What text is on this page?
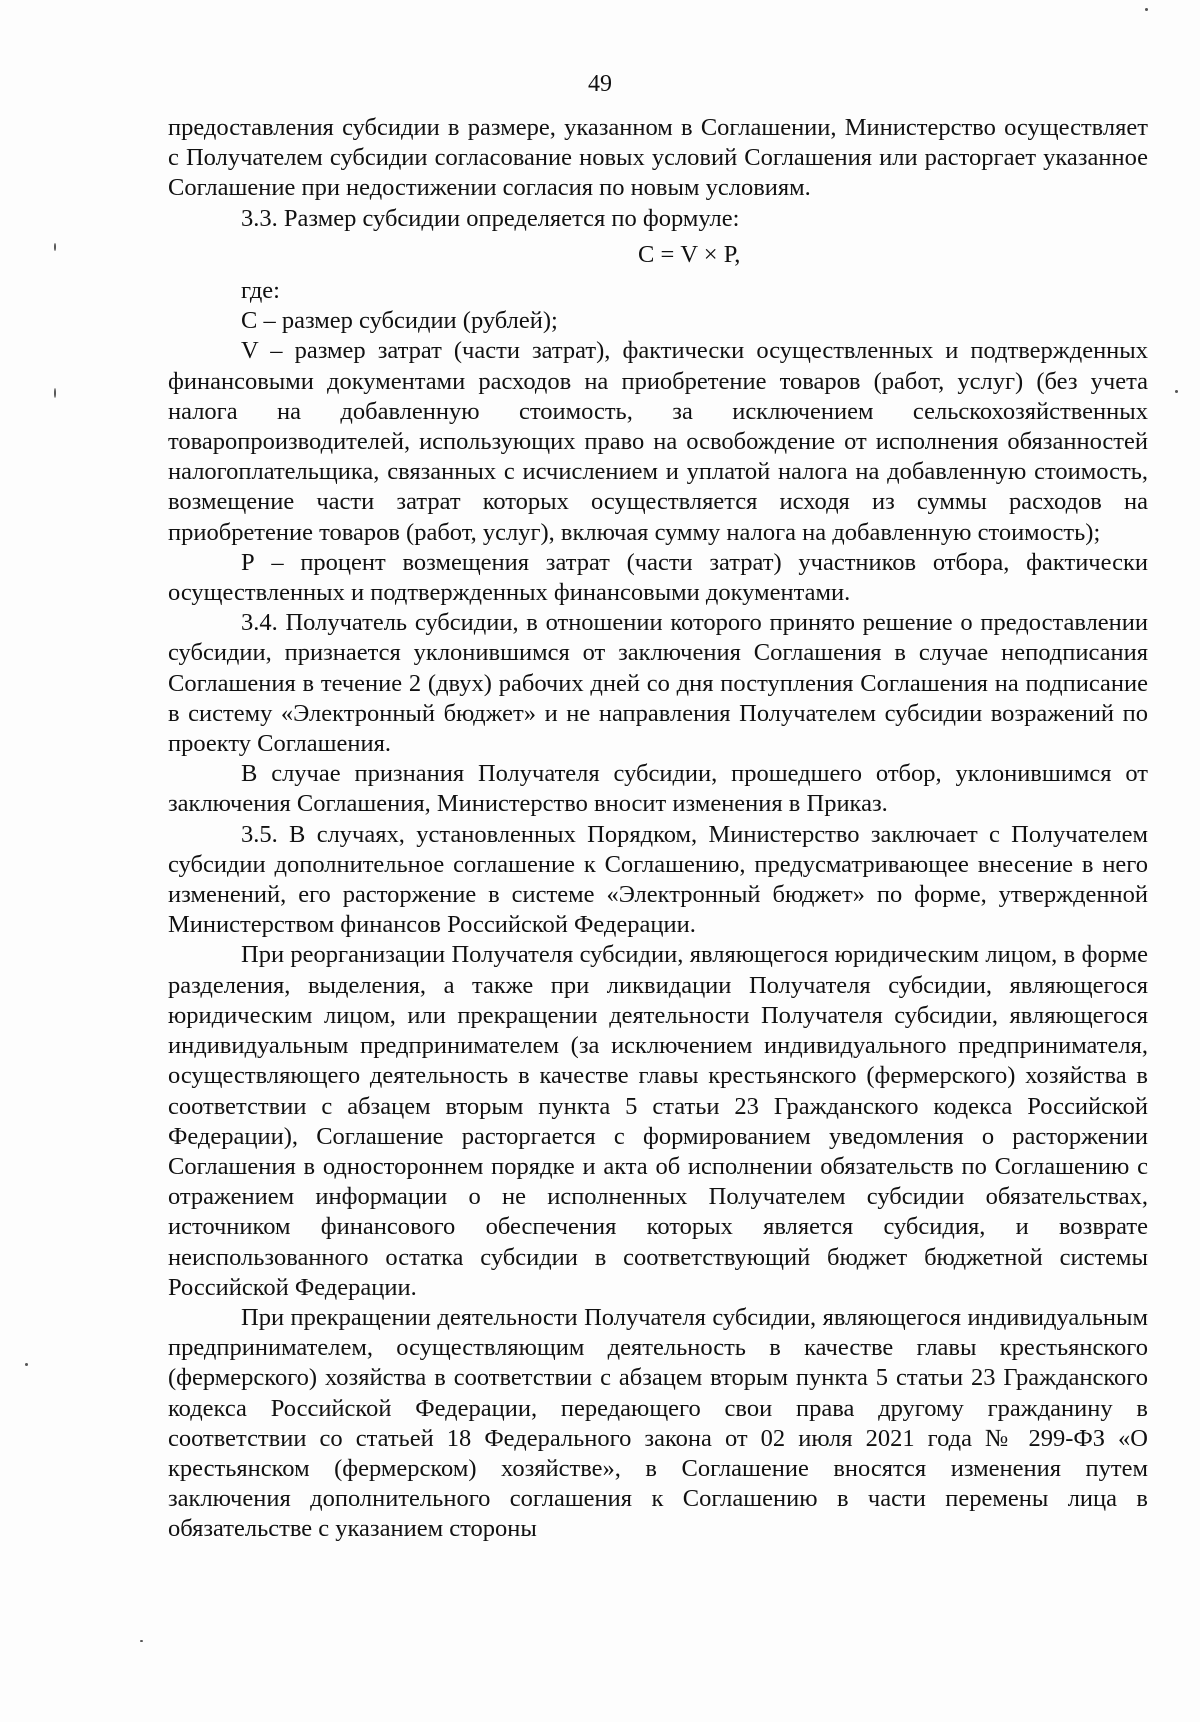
49

предоставления субсидии в размере, указанном в Соглашении, Министерство осуществляет с Получателем субсидии согласование новых условий Соглашения или расторгает указанное Соглашение при недостижении согласия по новым условиям.

3.3. Размер субсидии определяется по формуле:

С = V × Р,

где:

С – размер субсидии (рублей);

V – размер затрат (части затрат), фактически осуществленных и подтвержденных финансовыми документами расходов на приобретение товаров (работ, услуг) (без учета налога на добавленную стоимость, за исключением сельскохозяйственных товаропроизводителей, использующих право на освобождение от исполнения обязанностей налогоплательщика, связанных с исчислением и уплатой налога на добавленную стоимость, возмещение части затрат которых осуществляется исходя из суммы расходов на приобретение товаров (работ, услуг), включая сумму налога на добавленную стоимость);

Р – процент возмещения затрат (части затрат) участников отбора, фактически осуществленных и подтвержденных финансовыми документами.

3.4. Получатель субсидии, в отношении которого принято решение о предоставлении субсидии, признается уклонившимся от заключения Соглашения в случае неподписания Соглашения в течение 2 (двух) рабочих дней со дня поступления Соглашения на подписание в систему «Электронный бюджет» и не направления Получателем субсидии возражений по проекту Соглашения.

В случае признания Получателя субсидии, прошедшего отбор, уклонившимся от заключения Соглашения, Министерство вносит изменения в Приказ.

3.5. В случаях, установленных Порядком, Министерство заключает с Получателем субсидии дополнительное соглашение к Соглашению, предусматривающее внесение в него изменений, его расторжение в системе «Электронный бюджет» по форме, утвержденной Министерством финансов Российской Федерации.

При реорганизации Получателя субсидии, являющегося юридическим лицом, в форме разделения, выделения, а также при ликвидации Получателя субсидии, являющегося юридическим лицом, или прекращении деятельности Получателя субсидии, являющегося индивидуальным предпринимателем (за исключением индивидуального предпринимателя, осуществляющего деятельность в качестве главы крестьянского (фермерского) хозяйства в соответствии с абзацем вторым пункта 5 статьи 23 Гражданского кодекса Российской Федерации), Соглашение расторгается с формированием уведомления о расторжении Соглашения в одностороннем порядке и акта об исполнении обязательств по Соглашению с отражением информации о не исполненных Получателем субсидии обязательствах, источником финансового обеспечения которых является субсидия, и возврате неиспользованного остатка субсидии в соответствующий бюджет бюджетной системы Российской Федерации.

При прекращении деятельности Получателя субсидии, являющегося индивидуальным предпринимателем, осуществляющим деятельность в качестве главы крестьянского (фермерского) хозяйства в соответствии с абзацем вторым пункта 5 статьи 23 Гражданского кодекса Российской Федерации, передающего свои права другому гражданину в соответствии со статьей 18 Федерального закона от 02 июля 2021 года № 299-ФЗ «О крестьянском (фермерском) хозяйстве», в Соглашение вносятся изменения путем заключения дополнительного соглашения к Соглашению в части перемены лица в обязательстве с указанием стороны
